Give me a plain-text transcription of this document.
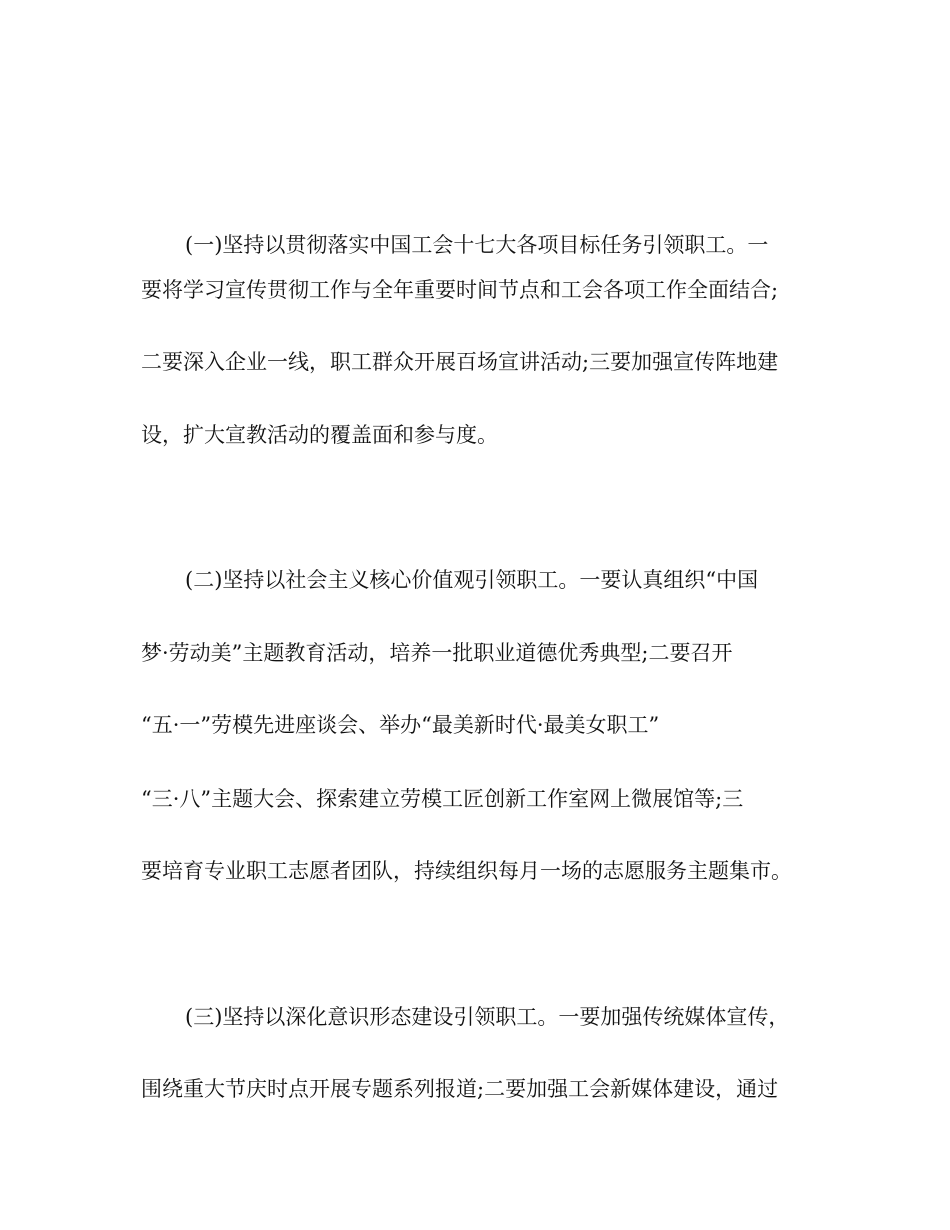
(一)坚持以贯彻落实中国工会十七大各项目标任务引领职工。一
要将学习宣传贯彻工作与全年重要时间节点和工会各项工作全面结合;
二要深入企业一线，职工群众开展百场宣讲活动;三要加强宣传阵地建
设，扩大宣教活动的覆盖面和参与度。
(二)坚持以社会主义核心价值观引领职工。一要认真组织“中国
梦·劳动美”主题教育活动，培养一批职业道德优秀典型;二要召开
“五·一”劳模先进座谈会、举办“最美新时代·最美女职工”
“三·八”主题大会、探索建立劳模工匠创新工作室网上微展馆等;三
要培育专业职工志愿者团队，持续组织每月一场的志愿服务主题集市。
(三)坚持以深化意识形态建设引领职工。一要加强传统媒体宣传，
围绕重大节庆时点开展专题系列报道;二要加强工会新媒体建设，通过
